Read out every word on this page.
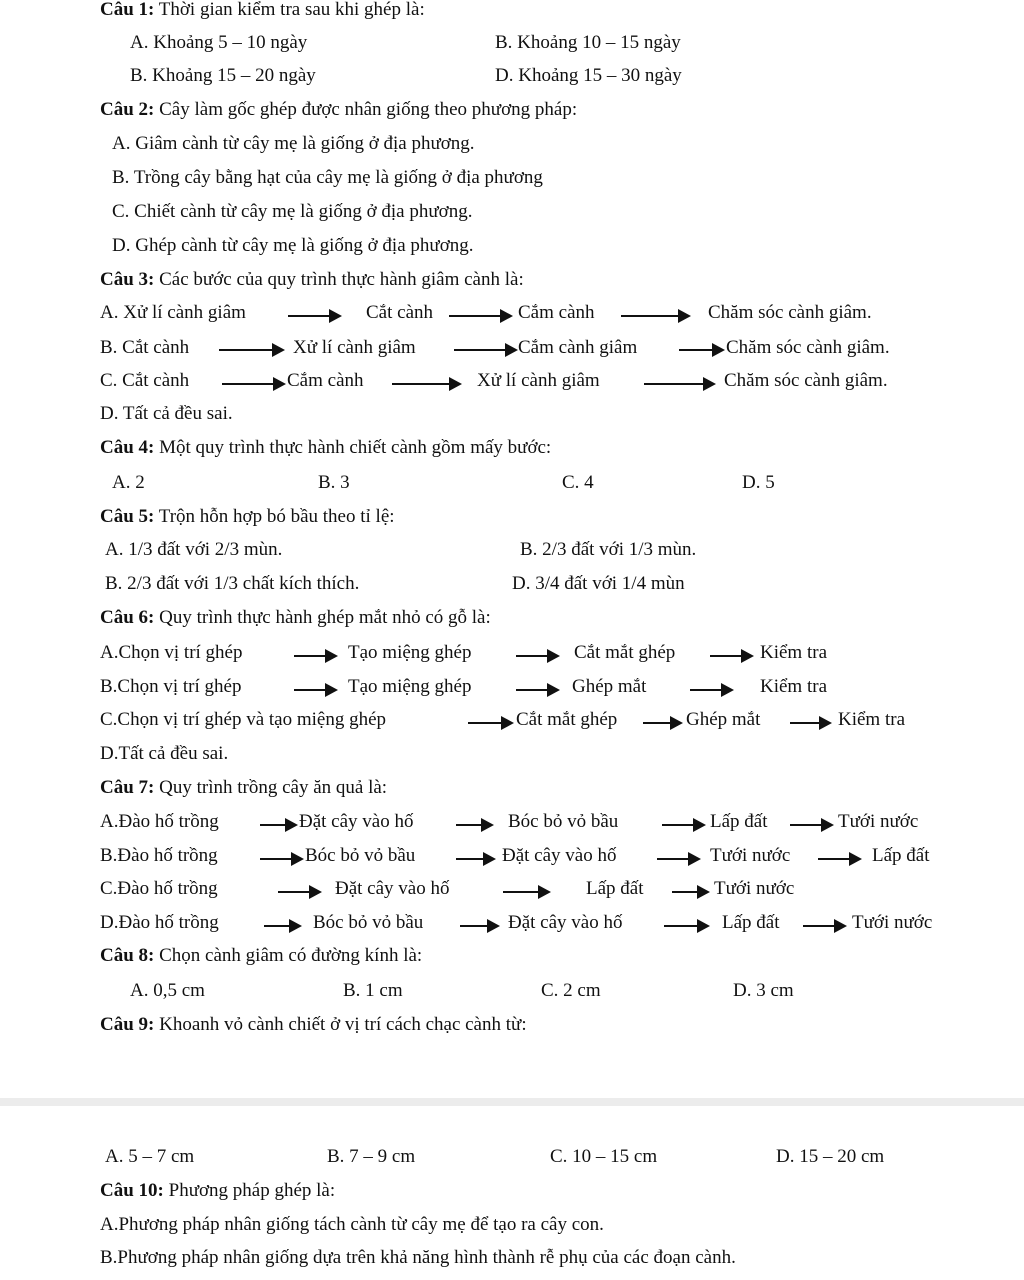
Câu 1: Thời gian kiểm tra sau khi ghép là:
A. Khoảng 5 – 10 ngày	B. Khoảng 10 – 15 ngày
B. Khoảng 15 – 20 ngày	D. Khoảng 15 – 30 ngày
Câu 2: Cây làm gốc ghép được nhân giống theo phương pháp:
A. Giâm cành từ cây mẹ là giống ở địa phương.
B. Trồng cây bằng hạt của cây mẹ là giống ở địa phương
C. Chiết cành từ cây mẹ là giống ở địa phương.
D. Ghép cành từ cây mẹ là giống ở địa phương.
Câu 3: Các bước của quy trình thực hành giâm cành là:
A. Xử lí cành giâm	Cắt cành	Cắm cành	Chăm sóc cành giâm.
B. Cắt cành	Xử lí cành giâm	Cắm cành giâm	Chăm sóc cành giâm.
C. Cắt cành	Cắm cành	Xử lí cành giâm	Chăm sóc cành giâm.
D. Tất cả đều sai.
Câu 4: Một quy trình thực hành chiết cành gồm mấy bước:
A. 2	B. 3	C. 4	D. 5
Câu 5: Trộn hỗn hợp bó bầu theo tỉ lệ:
A. 1/3 đất với 2/3 mùn.	B. 2/3 đất với 1/3 mùn.
B. 2/3 đất với 1/3 chất kích thích.	D. 3/4 đất với 1/4 mùn
Câu 6: Quy trình thực hành ghép mắt nhỏ có gỗ là:
A.Chọn vị trí ghép	Tạo miệng ghép	Cắt mắt ghép	Kiểm tra
B.Chọn vị trí ghép	Tạo miệng ghép	Ghép mắt	Kiểm tra
C.Chọn vị trí ghép và tạo miệng ghép	Cắt mắt ghép	Ghép mắt	Kiểm tra
D.Tất cả đều sai.
Câu 7: Quy trình trồng cây ăn quả là:
A.Đào hố trồng	Đặt cây vào hố	Bóc bỏ vỏ bầu	Lấp đất	Tưới nước
B.Đào hố trồng	Bóc bỏ vỏ bầu	Đặt cây vào hố	Tưới nước	Lấp đất
C.Đào hố trồng	Đặt cây vào hố	Lấp đất	Tưới nước
D.Đào hố trồng	Bóc bỏ vỏ bầu	Đặt cây vào hố	Lấp đất	Tưới nước
Câu 8: Chọn cành giâm có đường kính là:
A. 0,5 cm	B. 1 cm	C. 2 cm	D. 3 cm
Câu 9: Khoanh vỏ cành chiết ở vị trí cách chạc cành từ:
A. 5 – 7 cm	B. 7 – 9 cm	C. 10 – 15 cm	D. 15 – 20 cm
Câu 10: Phương pháp ghép là:
A.Phương pháp nhân giống tách cành từ cây mẹ để tạo ra cây con.
B.Phương pháp nhân giống dựa trên khả năng hình thành rễ phụ của các đoạn cành.
